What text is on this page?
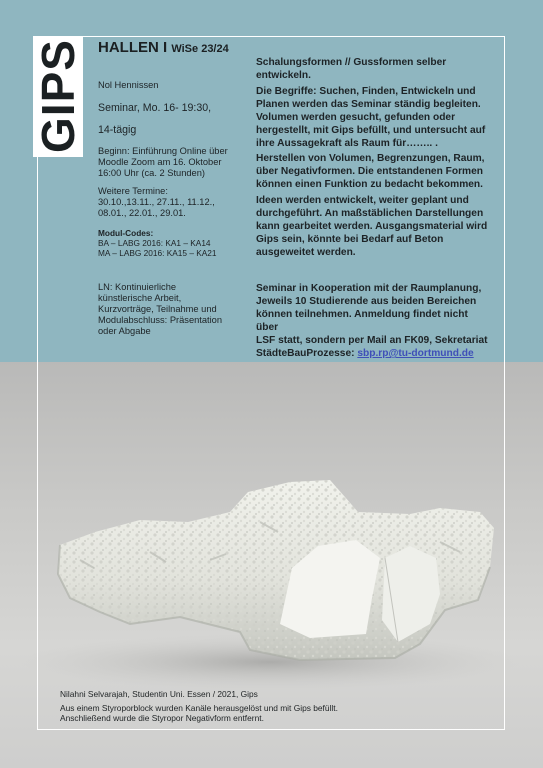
GIPS HALLEN I WiSe 23/24
Nol Hennissen
Seminar, Mo. 16- 19:30,
14-tägig
Beginn: Einführung Online über
Moodle Zoom am 16. Oktober
16:00 Uhr (ca. 2 Stunden)
Weitere Termine:
30.10.,13.11., 27.11., 11.12.,
08.01., 22.01., 29.01.
Modul-Codes:
BA – LABG 2016: KA1 – KA14
MA – LABG 2016: KA15 – KA21
LN: Kontinuierliche
künstlerische Arbeit,
Kurzvorträge, Teilnahme und
Modulabschluss: Präsentation
oder Abgabe
Schalungsformen // Gussformen selber
entwickeln.
Die Begriffe: Suchen, Finden, Entwickeln und
Planen werden das Seminar ständig begleiten.
Volumen werden gesucht, gefunden oder
hergestellt, mit Gips befüllt, und untersucht auf
ihre Aussagekraft als Raum für…….. .
Herstellen von Volumen, Begrenzungen, Raum,
über Negativformen. Die entstandenen Formen
können einen Funktion zu bedacht bekommen.
Ideen werden entwickelt, weiter geplant und
durchgeführt. An maßstäblichen Darstellungen
kann gearbeitet werden. Ausgangsmaterial wird
Gips sein, könnte bei Bedarf auf Beton
ausgeweitet werden.
Seminar in Kooperation mit der Raumplanung,
Jeweils 10 Studierende aus beiden Bereichen
können teilnehmen. Anmeldung findet nicht über
LSF statt, sondern per Mail an FK09, Sekretariat
StädteBauProzesse: sbp.rp@tu-dortmund.de
Nilahni Selvarajah, Studentin Uni. Essen / 2021, Gips
Aus einem Styroporblock wurden Kanäle herausgelöst und mit Gips befüllt.
Anschließend wurde die Styropor Negativform entfernt.
